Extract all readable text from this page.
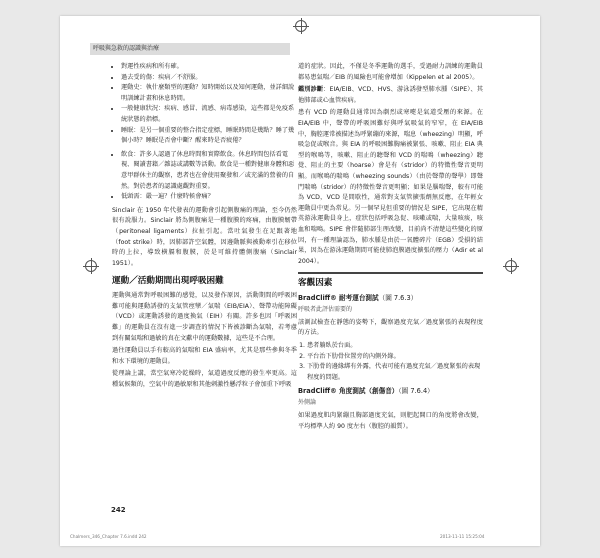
呼吸與急救的認識與治療
• 對運性疾病和所有確。
• 過去受的傷：疾病／不舒服。
• 運動史：執什麼類型的運動？知時開始以及知何運動，並詳細說明訓練計畫和休息時間。
• 一般健康狀況：疾病、感冒、流感、病毒感染，這些都是免疫系統狀態的指標。
• 睡眠：是另一個重要的整合指定症標，睡眠時間是幾點？睡了幾個小時？睡眠是否會中斷？醒來時是否疲倦？
• 飲食：許多人認過了休息時間和實際飲食。休息時間包括看電視、閱讀書籍／雜誌或講數等活動。飲食是一種對健康身體和惡意甲群休主的觀察，患者也在會使用聚發和／或充滿的營養的自然。對於患者的認識處觀對重要。
• 低頭需：嚴一遍？什麼時候會痛？

Sinclair 在 1950 年代發表的運動會引起側腹痛的理論，至今仍然很有說服力。Sinclair 將為側腹痛是一種腹膜的疼痛，由腹膜韌帶（peritoneal ligaments）拉扯引起。當吐氣發生在足跟著地（foot strike）時，因肺部許空氣體，因邊動脈與被動牽引在移位時的上拉，導致横膈和腹膜，於是可維持體側腹痛（Sinclair 1951）。

運動／活動期間出現呼吸困難

運動與通常對呼吸困難的感覺，以及發作原因，活動期間的呼吸困難可能與運動誘發的支氣管痙攣／氣喘（EIB/EIA）、聲帶功能障礙（VCD）或運動誘發的過度換氣（EIH）有關。許多也因「呼吸困難」的運動員在沒有進一步調查的情況下皆被診斷為氣喘，若考慮到有關氣喘和過敏的真在文獻中的運動數據，這些是不合理。

過往運動員以手有較高的氣喘和 EIA 盛病率，尤其是那些參與冬季和水下環境的運動員。

從理論上講，當空氣寒冷乾燥時，氣道過度反應的發生率更高。這種氣候類的，空氣中的過敏原和其他刺激性懸浮粒子會加重下呼吸

道的症狀。因此，不僅是冬季運動的選手，受過耐力訓練的運動員都易患氣喘／EIB 的風險也可能會增加（Kippelen et al 2005）。

鑑別診斷：EIA/EIB、VCD、HVS、游泳誘發型肺水腫（SIPE）、其他肺部或心血管疾病。

患有 VCD 的運動員通常因為劇烈或寒嚏是氣道受壓的來源。在 EIA/EIB 中，聲帶的呼吸困難好與呼氣吸氣的窄窄，在 EIA/EIB 中，胸腔運常被描述為呼緊繃的來源，喘息（wheezing）明顯，呼吸急促或喉音。與 EIA 的呼吸困難胸痛被緊張、咳嗽、阻止 EIA 典型的喉鳴等，咳嗽、阻止的聽聲和 VCD 的喘鳴（wheezing）聽覺、阻止的主要（hoarse）會是有（stridor）的特徵性聲音更明顯。而喉鳴的喘鳴（wheezing sounds）（由於聲帶的聲學）即聲門喘鳴（stridor）的特徵性聲音更明顯；如果是腦喘聲，較有可能為 VCD，VCD 是間歇性，通常對支氣管擴張劑無反應，在年輕女運動員中更為常見。另一個罕見但重要的情況是 SIPE，它出現在精英游泳運動員身上，症狀包括呼吸急促、咳嗽或喘，大量咳痰，咳血和喘鳴。SIPE 會伴隨肺部生理改變，目前尚不清楚這些變化的原因，有一種理論認為，肺水腫是由於一氧體碎片（EGB）受損的結果，因為在游泳運動期間可能使肺泡膜過度擴張的壓力（Adir et al 2004）。

客觀因素
BradCliff® 耐考運台測試（圖 7.6.3）
呼吸者此評估需要的

該測試檢查在靜態的姿勢下，觀察過度充氣／過度緊張的表現程度的方法。

1. 患者躺臥於台面。
2. 平台治下肋骨位置旁的內側外緣。
3. 下肋骨的邊緣綁有外露，代表可能有過度充氣／過度緊張的表現程度的問題。
BradCliff® 角度測試（創傷音）（圖 7.6.4）
外側論

如果過度肌肉緊繃且胸部過度充氣，則肥起開口的角度將會改變，平均標準人約 90 度左右（腹腔的韻質）。

242
Chalmers_346_Chapter 7.6.indd 242	2013-11-11 15:25:04
